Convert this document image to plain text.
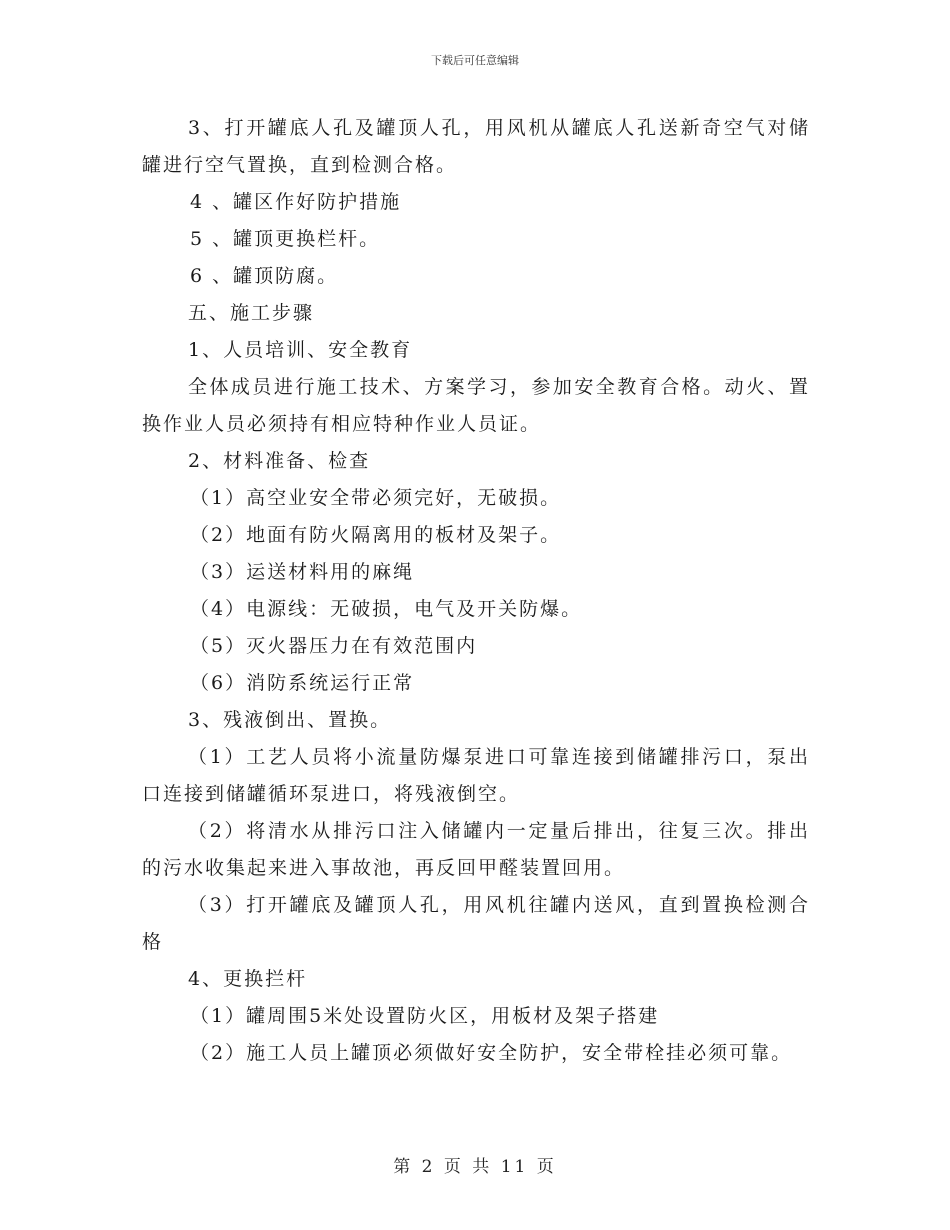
下载后可任意编辑

3、打开罐底人孔及罐顶人孔，用风机从罐底人孔送新奇空气对储罐进行空气置换，直到检测合格。

4 、罐区作好防护措施

5 、罐顶更换栏杆。

6 、罐顶防腐。

五、施工步骤

1、人员培训、安全教育

全体成员进行施工技术、方案学习，参加安全教育合格。动火、置换作业人员必须持有相应特种作业人员证。

2、材料准备、检查

（1）高空业安全带必须完好，无破损。

（2）地面有防火隔离用的板材及架子。

（3）运送材料用的麻绳

（4）电源线：无破损，电气及开关防爆。

（5）灭火器压力在有效范围内

（6）消防系统运行正常

3、残液倒出、置换。

（1）工艺人员将小流量防爆泵进口可靠连接到储罐排污口，泵出口连接到储罐循环泵进口，将残液倒空。

（2）将清水从排污口注入储罐内一定量后排出，往复三次。排出的污水收集起来进入事故池，再反回甲醛装置回用。

（3）打开罐底及罐顶人孔，用风机往罐内送风，直到置换检测合格

4、更换拦杆

（1）罐周围5米处设置防火区，用板材及架子搭建

（2）施工人员上罐顶必须做好安全防护，安全带栓挂必须可靠。

第 2 页 共 11 页
